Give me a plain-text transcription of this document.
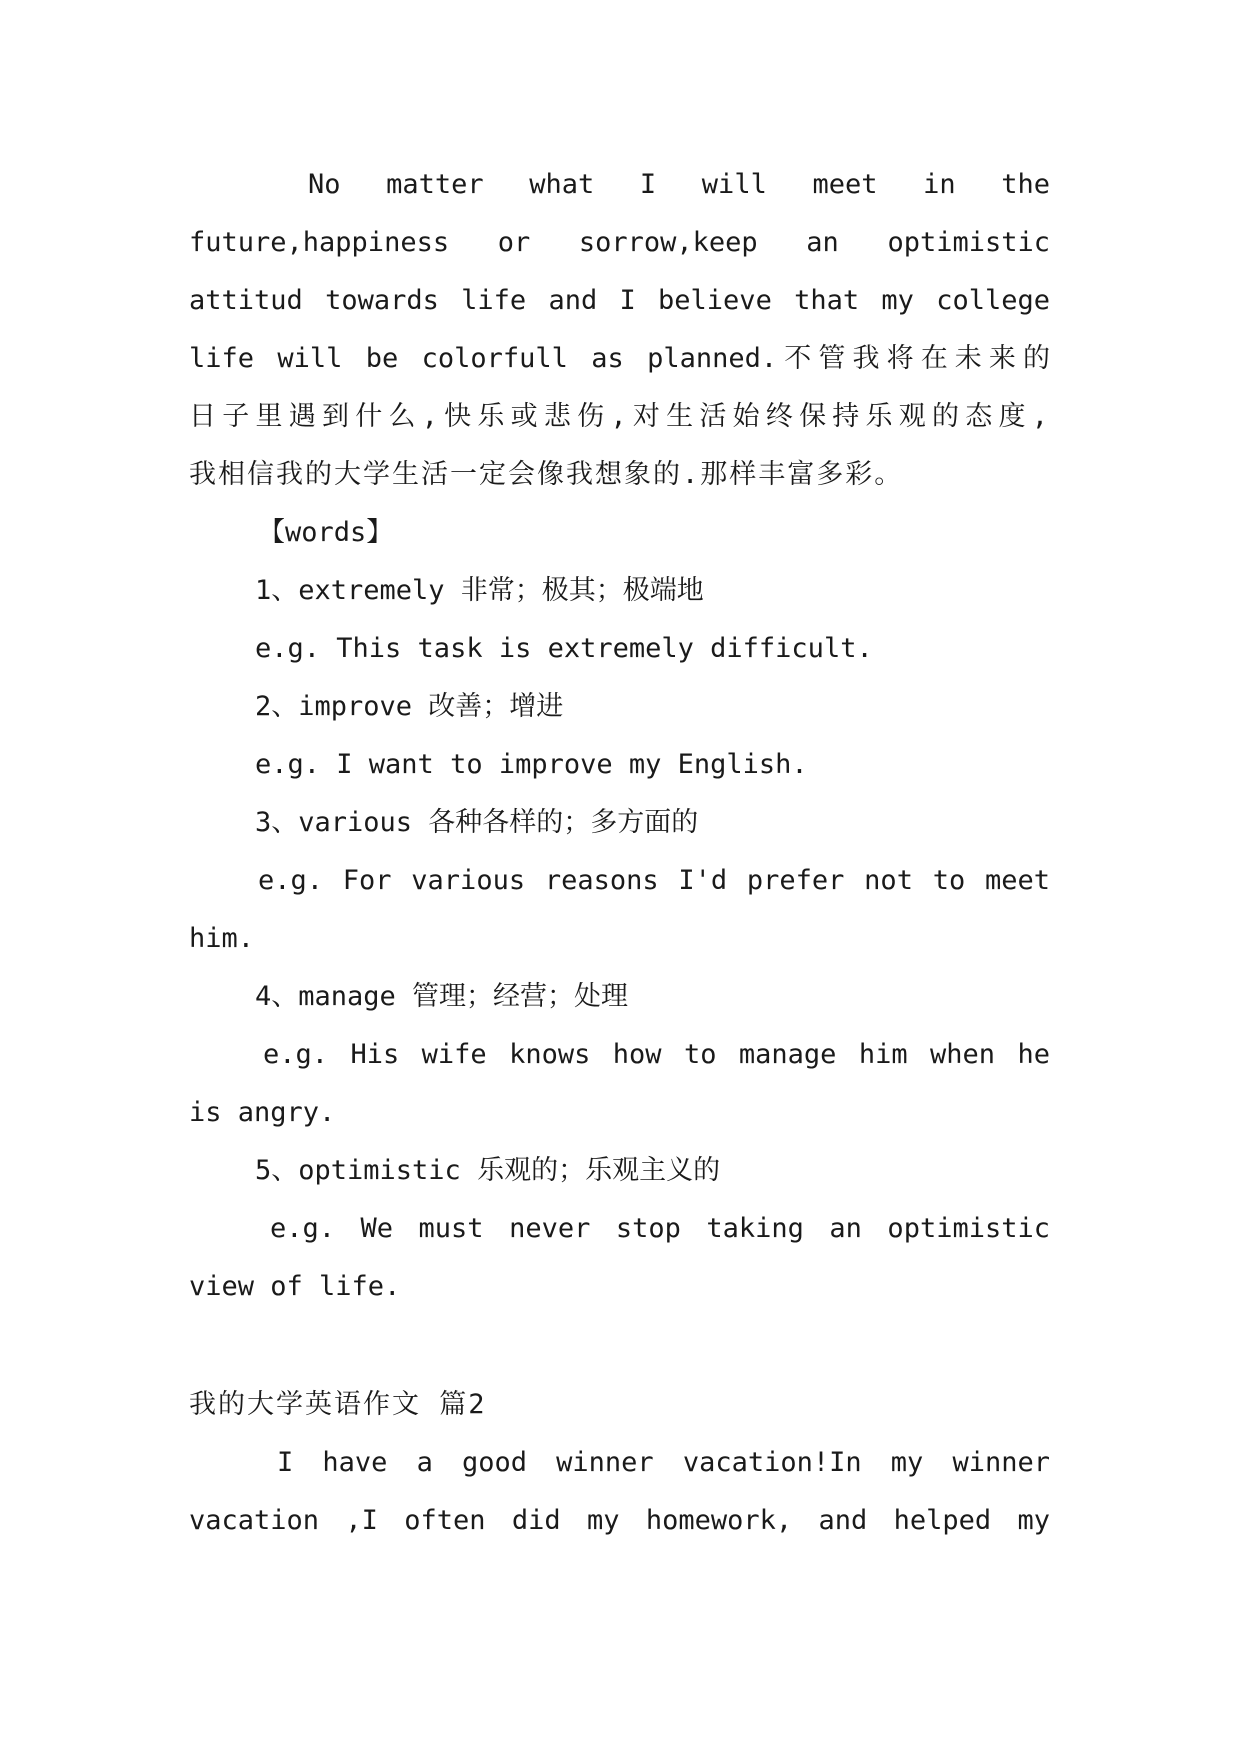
No matter what I will meet in the

future,happiness or sorrow,keep an optimistic

attitud towards life and I believe that my college

life will be colorfull as planned.不管我将在未来的

日子里遇到什么,快乐或悲伤,对生活始终保持乐观的态度,

我相信我的大学生活一定会像我想象的.那样丰富多彩。

【words】

1、extremely 非常；极其；极端地

e.g. This task is extremely difficult.

2、improve 改善；增进

e.g. I want to improve my English.

3、various 各种各样的；多方面的

e.g. For various reasons I'd prefer not to meet

him.

4、manage 管理；经营；处理

e.g. His wife knows how to manage him when he

is angry.

5、optimistic 乐观的；乐观主义的

e.g. We must never stop taking an optimistic

view of life.

我的大学英语作文 篇2

I have a good winner vacation!In my winner

vacation ,I often did my homework, and helped my
